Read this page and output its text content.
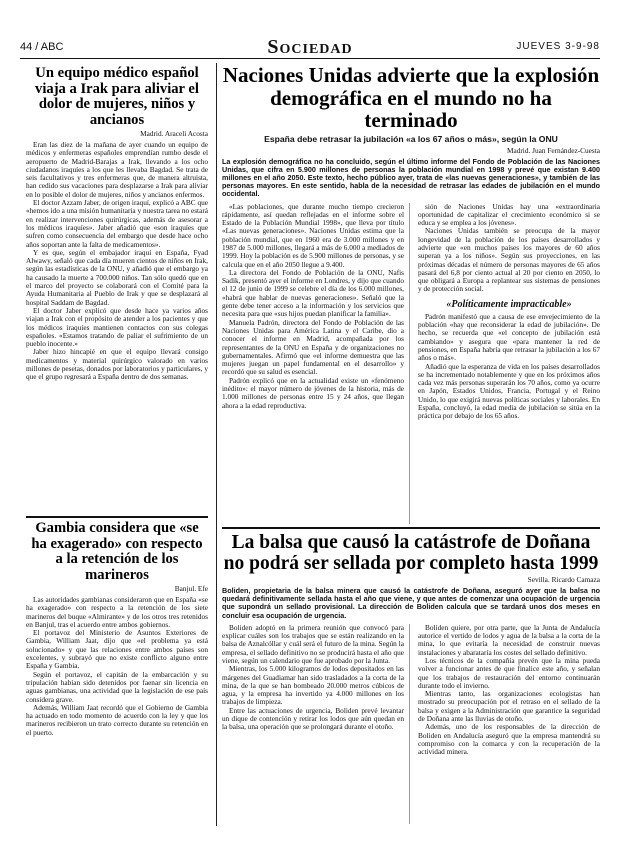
44 / ABC	Sociedad	JUEVES 3-9-98
Un equipo médico español viaja a Irak para aliviar el dolor de mujeres, niños y ancianos
Madrid. Araceli Acosta

Eran las diez de la mañana de ayer cuando un equipo de médicos y enfermeras españoles emprendían rumbo desde el aeropuerto de Madrid-Barajas a Irak, llevando a los ocho ciudadanos iraquíes a los que les llevaba Bagdad. Se trata de seis facultativos y tres enfermeras que, de manera altruista, han cedido sus vacaciones para desplazarse a Irak para aliviar en lo posible el dolor de mujeres, niños y ancianos enfermos.

El doctor Azzam Jaber, de origen iraquí, explicó a ABC que «hemos ido a una misión humanitaria y nuestra tarea no estará en realizar intervenciones quirúrgicas, además de asesorar a los médicos iraquíes». Jaber añadió que «son iraquíes que sufren como consecuencia del embargo que desde hace ocho años soportan ante la falta de medicamentos».

Y es que, según el embajador iraquí en España, Fyad Alwawy, señaló que cada día mueren cientos de niños en Irak, según las estadísticas de la ONU, y añadió que el embargo ya ha causado la muerte a 700.000 niños. Tan sólo quedó que en el marco del proyecto se colaborará con el Comité para la Ayuda Humanitaria al Pueblo de Irak y que se desplazará al hospital Saddam de Bagdad.

El doctor Jaber explicó que desde hace ya varios años viajan a Irak con el propósito de atender a los pacientes y que los médicos iraquíes mantienen contactos con sus colegas españoles. «Estamos tratando de paliar el sufrimiento de un pueblo inocente.»

Jaber hizo hincapié en que el equipo llevará consigo medicamentos y material quirúrgico valorado en varios millones de pesetas, donados por laboratorios y particulares, y que el grupo regresará a España dentro de dos semanas.

Gambia considera que «se ha exagerado» con respecto a la retención de los marineros
Banjul. Efe

Las autoridades gambianas consideraron que en España «se ha exagerado» con respecto a la retención de los siete marineros del buque «Almirante» y de los otros tres retenidos en Banjul, tras el acuerdo entre ambos gobiernos.

El portavoz del Ministerio de Asuntos Exteriores de Gambia, William Jaat, dijo que «el problema ya está solucionado» y que las relaciones entre ambos países son excelentes, y subrayó que no existe conflicto alguno entre España y Gambia.

Según el portavoz, el capitán de la embarcación y su tripulación habían sido detenidos por faenar sin licencia en aguas gambianas, una actividad que la legislación de ese país considera grave.

Además, William Jaat recordó que el Gobierno de Gambia ha actuado en todo momento de acuerdo con la ley y que los marineros recibieron un trato correcto durante su retención en el puerto.

Naciones Unidas advierte que la explosión demográfica en el mundo no ha terminado
España debe retrasar la jubilación «a los 67 años o más», según la ONU
Madrid. Juan Fernández-Cuesta
La explosión demográfica no ha concluido, según el último informe del Fondo de Población de las Naciones Unidas, que cifra en 5.900 millones de personas la población mundial en 1998 y prevé que existan 9.400 millones en el año 2050. Este texto, hecho público ayer, trata de «las nuevas generaciones», y también de las personas mayores. En este sentido, habla de la necesidad de retrasar las edades de jubilación en el mundo occidental.

«Las poblaciones, que durante mucho tiempo crecieron rápidamente, así quedan reflejadas en el informe sobre el Estado de la Población Mundial 1998», que lleva por título «Las nuevas generaciones». Naciones Unidas estima que la población mundial, que en 1960 era de 3.000 millones y en 1987 de 5.000 millones, llegará a más de 6.000 a mediados de 1999. Hoy la población es de 5.900 millones de personas, y se calcula que en el año 2050 llegue a 9.400.

La directora del Fondo de Población de la ONU, Nafis Sadik, presentó ayer el informe en Londres, y dijo que cuando el 12 de junio de 1999 se celebre el día de los 6.000 millones, «habrá que hablar de nuevas generaciones». Señaló que la gente debe tener acceso a la información y los servicios que necesita para que «sus hijos puedan planificar la familia».

Manuela Padrón, directora del Fondo de Población de las Naciones Unidas para América Latina y el Caribe, dio a conocer el informe en Madrid, acompañada por los representantes de la ONU en España y de organizaciones no gubernamentales. Afirmó que «el informe demuestra que las mujeres juegan un papel fundamental en el desarrollo» y recordó que su salud es esencial.

Padrón explicó que en la actualidad existe un «fenómeno inédito»: el mayor número de jóvenes de la historia, más de 1.000 millones de personas entre 15 y 24 años, que llegan ahora a la edad reproductiva.

sión de Naciones Unidas hay una «extraordinaria oportunidad de capitalizar el crecimiento económico si se educa y se emplea a los jóvenes».

Naciones Unidas también se preocupa de la mayor longevidad de la población de los países desarrollados y advierte que «en muchos países los mayores de 60 años superan ya a los niños». Según sus proyecciones, en las próximas décadas el número de personas mayores de 65 años pasará del 6,8 por ciento actual al 20 por ciento en 2050, lo que obligará a Europa a replantear sus sistemas de pensiones y de protección social.

«Políticamente impracticable»

Padrón manifestó que a causa de ese envejecimiento de la población «hay que reconsiderar la edad de jubilación». De hecho, se recuerda que «el concepto de jubilación está cambiando» y asegura que «para mantener la red de pensiones, en España habría que retrasar la jubilación a los 67 años o más».

Añadió que la esperanza de vida en los países desarrollados se ha incrementado notablemente y que en los próximos años cada vez más personas superarán los 70 años, como ya ocurre en Japón, Estados Unidos, Francia, Portugal y el Reino Unido, lo que exigirá nuevas políticas sociales y laborales. En España, concluyó, la edad media de jubilación se sitúa en la práctica por debajo de los 65 años.

La balsa que causó la catástrofe de Doñana no podrá ser sellada por completo hasta 1999
Sevilla. Ricardo Camaza
Boliden, propietaria de la balsa minera que causó la catástrofe de Doñana, aseguró ayer que la balsa no quedará definitivamente sellada hasta el año que viene, y que antes de comenzar una ocupación de urgencia que supondrá un sellado provisional. La dirección de Boliden calcula que se tardará unos dos meses en concluir esa ocupación de urgencia.

Boliden adoptó en la primera reunión que convocó para explicar cuáles son los trabajos que se están realizando en la balsa de Aznalcóllar y cuál será el futuro de la mina. Según la empresa, el sellado definitivo no se producirá hasta el año que viene, según un calendario que fue aprobado por la Junta.

Mientras, los 5.000 kilogramos de lodos depositados en las márgenes del Guadiamar han sido trasladados a la corta de la mina, de la que se han bombeado 20.000 metros cúbicos de agua, y la empresa ha invertido ya 4.000 millones en los trabajos de limpieza.

Entre las actuaciones de urgencia, Boliden prevé levantar un dique de contención y retirar los lodos que aún quedan en la balsa, una operación que se prolongará durante el otoño.

Boliden quiere, por otra parte, que la Junta de Andalucía autorice el vertido de lodos y agua de la balsa a la corta de la mina, lo que evitaría la necesidad de construir nuevas instalaciones y abarataría los costes del sellado definitivo.

Los técnicos de la compañía prevén que la mina pueda volver a funcionar antes de que finalice este año, y señalan que los trabajos de restauración del entorno continuarán durante todo el invierno.

Mientras tanto, las organizaciones ecologistas han mostrado su preocupación por el retraso en el sellado de la balsa y exigen a la Administración que garantice la seguridad de Doñana ante las lluvias de otoño.

Además, uno de los responsables de la dirección de Boliden en Andalucía aseguró que la empresa mantendrá su compromiso con la comarca y con la recuperación de la actividad minera.
